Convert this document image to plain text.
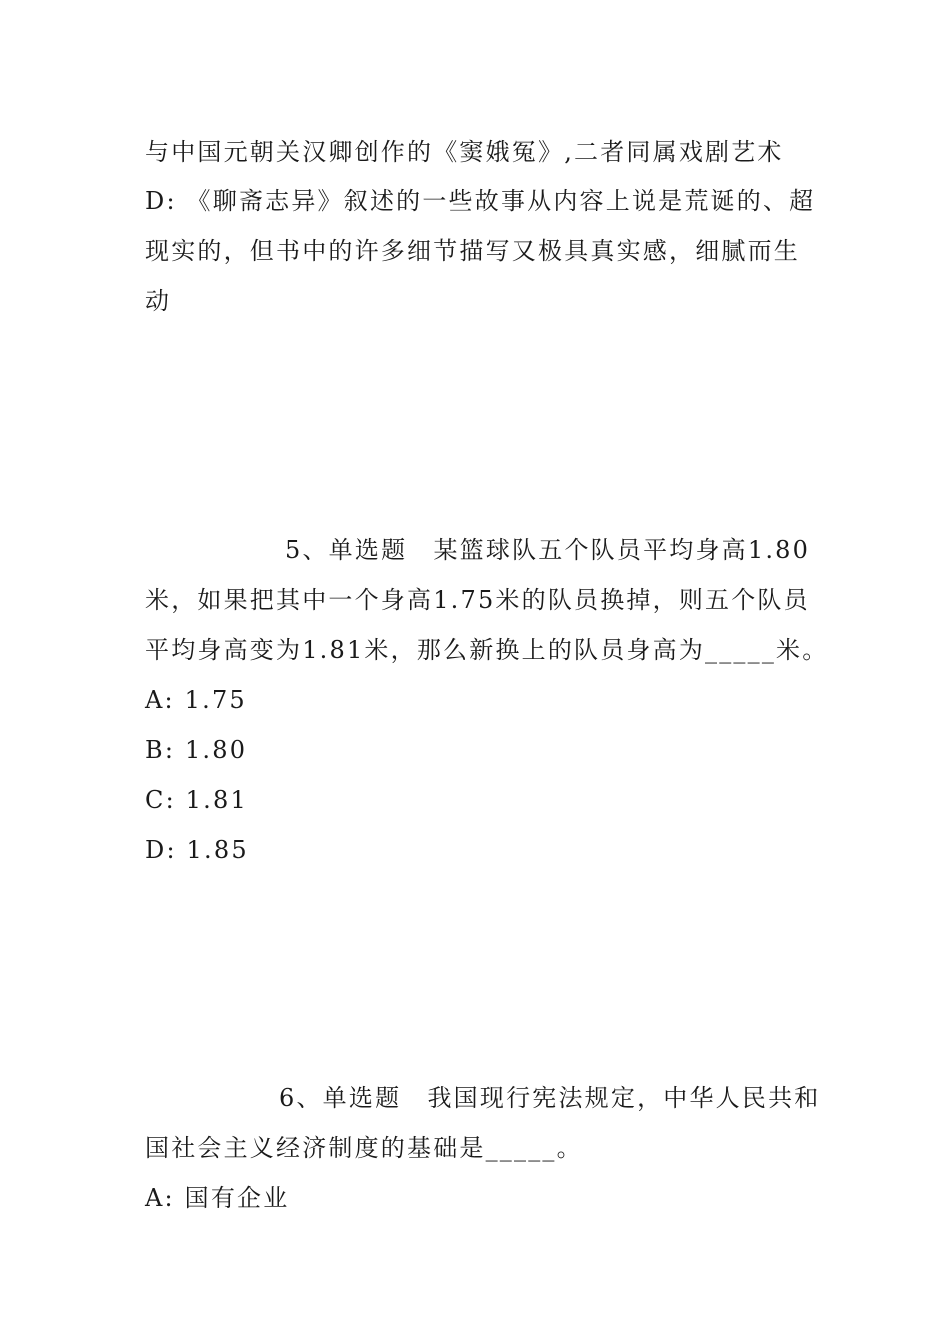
与中国元朝关汉卿创作的《窦娥冤》,二者同属戏剧艺术
D: 《聊斋志异》叙述的一些故事从内容上说是荒诞的、超
现实的，但书中的许多细节描写又极具真实感，细腻而生
动
5、单选题　某篮球队五个队员平均身高1.80
米，如果把其中一个身高1.75米的队员换掉，则五个队员
平均身高变为1.81米，那么新换上的队员身高为_____米。
A: 1.75
B: 1.80
C: 1.81
D: 1.85
6、单选题　我国现行宪法规定，中华人民共和
国社会主义经济制度的基础是_____。
A: 国有企业
